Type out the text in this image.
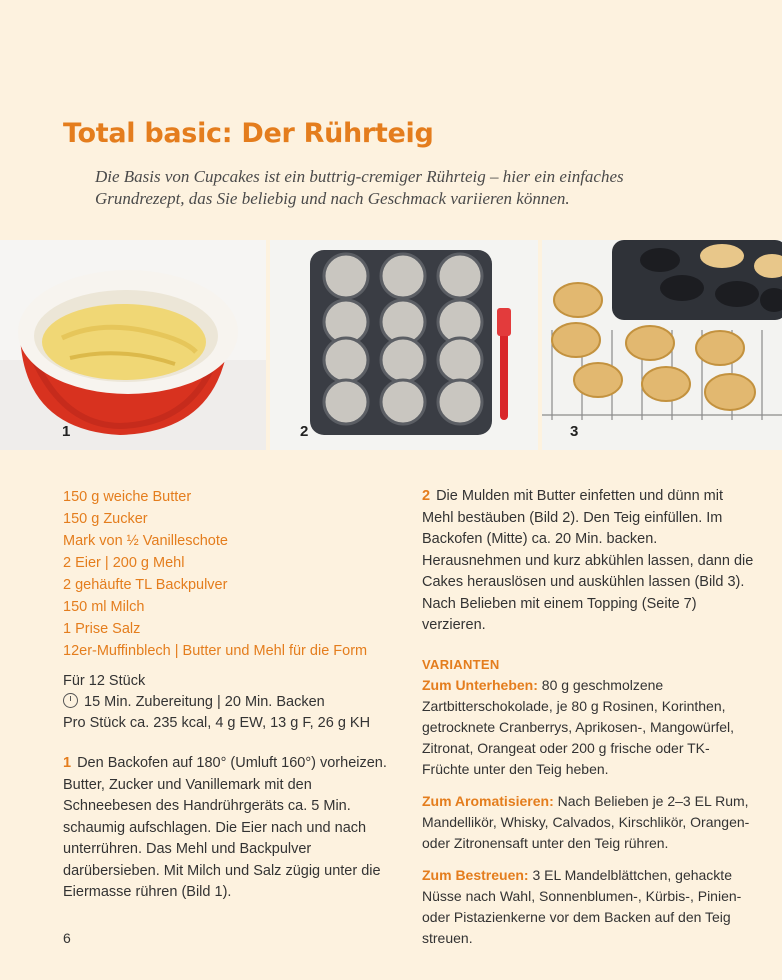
Total basic: Der Rührteig

Die Basis von Cupcakes ist ein buttrig-cremiger Rührteig – hier ein einfaches Grundrezept, das Sie beliebig und nach Geschmack variieren können.

1	2	3
150 g weiche Butter
150 g Zucker
Mark von ½ Vanilleschote
2 Eier | 200 g Mehl
2 gehäufte TL Backpulver
150 ml Milch
1 Prise Salz
12er-Muffinblech | Butter und Mehl für die Form
Für 12 Stück
15 Min. Zubereitung | 20 Min. Backen
Pro Stück ca. 235 kcal, 4 g EW, 13 g F, 26 g KH

1 Den Backofen auf 180° (Umluft 160°) vorheizen. Butter, Zucker und Vanillemark mit den Schneebesen des Handrührgeräts ca. 5 Min. schaumig aufschlagen. Die Eier nach und nach unterrühren. Das Mehl und Backpulver darübersieben. Mit Milch und Salz zügig unter die Eiermasse rühren (Bild 1).

2 Die Mulden mit Butter einfetten und dünn mit Mehl bestäuben (Bild 2). Den Teig einfüllen. Im Backofen (Mitte) ca. 20 Min. backen. Herausnehmen und kurz abkühlen lassen, dann die Cakes herauslösen und auskühlen lassen (Bild 3). Nach Belieben mit einem Topping (Seite 7) verzieren.

VARIANTEN

Zum Unterheben: 80 g geschmolzene Zartbitterschokolade, je 80 g Rosinen, Korinthen, getrocknete Cranberrys, Aprikosen-, Mangowürfel, Zitronat, Orangeat oder 200 g frische oder TK-Früchte unter den Teig heben.

Zum Aromatisieren: Nach Belieben je 2–3 EL Rum, Mandellikör, Whisky, Calvados, Kirschlikör, Orangen- oder Zitronensaft unter den Teig rühren.

Zum Bestreuen: 3 EL Mandelblättchen, gehackte Nüsse nach Wahl, Sonnenblumen-, Kürbis-, Pinien- oder Pistazienkerne vor dem Backen auf den Teig streuen.

6
